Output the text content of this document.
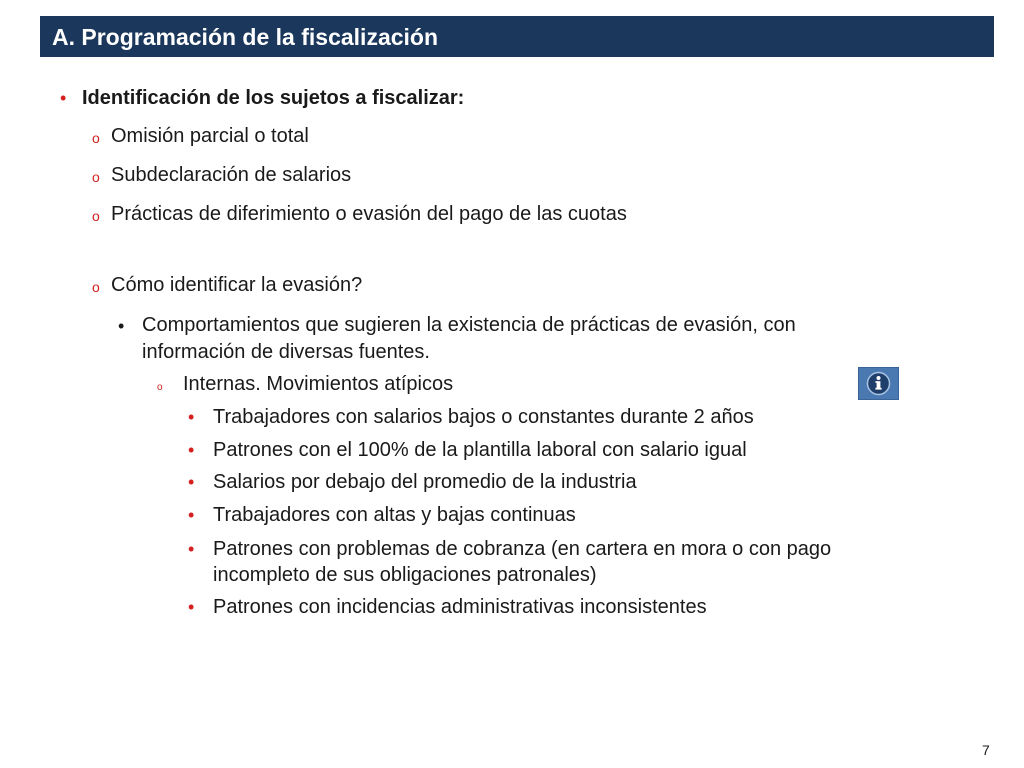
A. Programación de la fiscalización
• Identificación de los sujetos a fiscalizar:
o Omisión parcial o total
o Subdeclaración de salarios
o Prácticas de diferimiento o evasión del pago de las cuotas
o Cómo identificar la evasión?
• Comportamientos que sugieren la existencia de prácticas de evasión, con
información de diversas fuentes.
o Internas. Movimientos atípicos
• Trabajadores con salarios bajos o constantes durante 2 años
• Patrones con el 100% de la plantilla laboral con salario igual
• Salarios por debajo del promedio de la industria
• Trabajadores con altas y bajas continuas
• Patrones con problemas de cobranza (en cartera en mora o con pago
incompleto de sus obligaciones patronales)
• Patrones con incidencias administrativas inconsistentes
7
